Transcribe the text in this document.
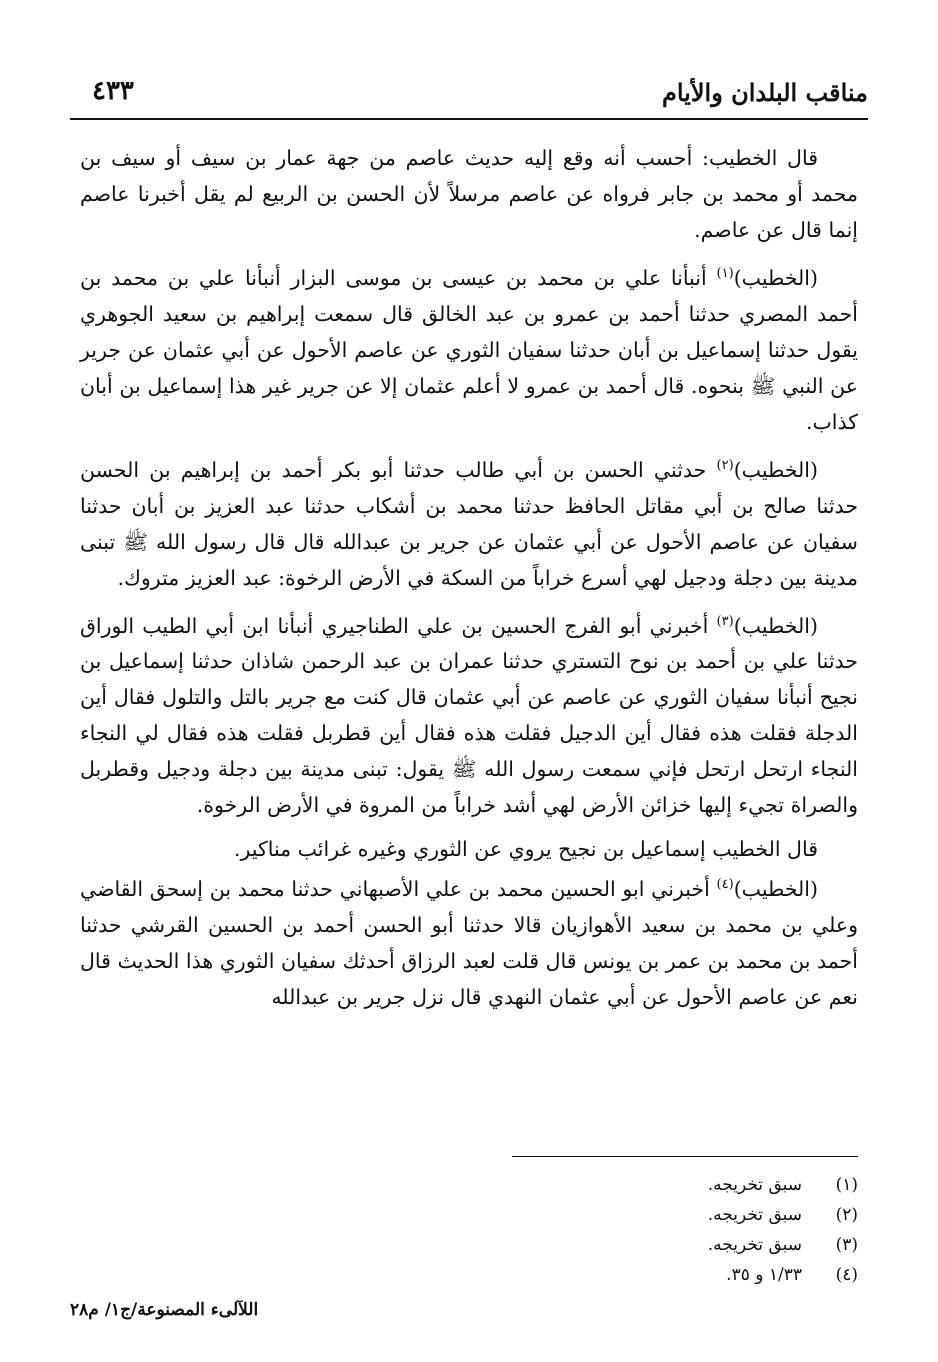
مناقب البلدان والأيام
٤٣٣

قال الخطيب: أحسب أنه وقع إليه حديث عاصم من جهة عمار بن سيف أو سيف بن محمد أو محمد بن جابر فرواه عن عاصم مرسلاً لأن الحسن بن الربيع لم يقل أخبرنا عاصم إنما قال عن عاصم.

(الخطيب)$^{(١)}$ أنبأنا علي بن محمد بن عيسى بن موسى البزار أنبأنا علي بن محمد بن أحمد المصري حدثنا أحمد بن عمرو بن عبد الخالق قال سمعت إبراهيم بن سعيد الجوهري يقول حدثنا إسماعيل بن أبان حدثنا سفيان الثوري عن عاصم الأحول عن أبي عثمان عن جرير عن النبي ﷺ بنحوه. قال أحمد بن عمرو لا أعلم عثمان إلا عن جرير غير هذا إسماعيل بن أبان كذاب.

(الخطيب)$^{(٢)}$ حدثني الحسن بن أبي طالب حدثنا أبو بكر أحمد بن إبراهيم بن الحسن حدثنا صالح بن أبي مقاتل الحافظ حدثنا محمد بن أشكاب حدثنا عبد العزيز بن أبان حدثنا سفيان عن عاصم الأحول عن أبي عثمان عن جرير بن عبدالله قال قال رسول الله ﷺ تبنى مدينة بين دجلة ودجيل لهي أسرع خراباً من السكة في الأرض الرخوة: عبد العزيز متروك.

(الخطيب)$^{(٣)}$ أخبرني أبو الفرج الحسين بن علي الطناجيري أنبأنا ابن أبي الطيب الوراق حدثنا علي بن أحمد بن نوح التستري حدثنا عمران بن عبد الرحمن شاذان حدثنا إسماعيل بن نجيح أنبأنا سفيان الثوري عن عاصم عن أبي عثمان قال كنت مع جرير بالتل والتلول فقال أين الدجلة فقلت هذه فقال أين الدجيل فقلت هذه فقال أين قطربل فقلت هذه فقال لي النجاء النجاء ارتحل ارتحل فإني سمعت رسول الله ﷺ يقول: تبنى مدينة بين دجلة ودجيل وقطربل والصراة تجيء إليها خزائن الأرض لهي أشد خراباً من المروة في الأرض الرخوة.

قال الخطيب إسماعيل بن نجيح يروي عن الثوري وغيره غرائب مناكير.

(الخطيب)$^{(٤)}$ أخبرني ابو الحسين محمد بن علي الأصبهاني حدثنا محمد بن إسحق القاضي وعلي بن محمد بن سعيد الأهوازيان قالا حدثنا أبو الحسن أحمد بن الحسين القرشي حدثنا أحمد بن محمد بن عمر بن يونس قال قلت لعبد الرزاق أحدثك سفيان الثوري هذا الحديث قال نعم عن عاصم الأحول عن أبي عثمان النهدي قال نزل جرير بن عبدالله

(١)
سبق تخريجه.
(٢)
سبق تخريجه.
(٣)
سبق تخريجه.
(٤)
١/٣٣ و ٣٥.
اللآلىء المصنوعة/ج١/ م٢٨
